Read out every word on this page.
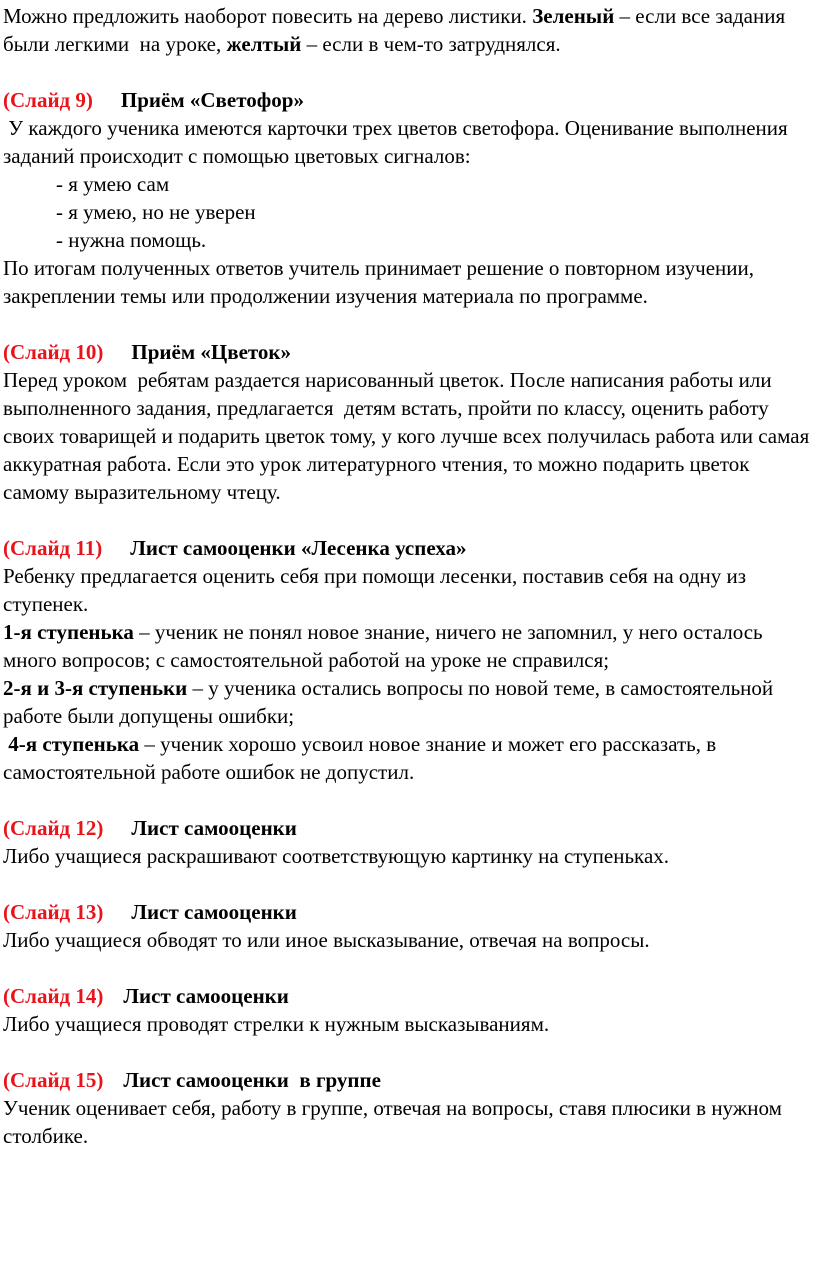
Можно предложить наоборот повесить на дерево листики. Зеленый – если все задания были легкими  на уроке, желтый – если в чем-то затруднялся.

(Слайд 9) Приём «Светофор»

У каждого ученика имеются карточки трех цветов светофора. Оценивание выполнения  заданий происходит с помощью цветовых сигналов:

- я умею сам

- я умею, но не уверен

- нужна помощь.

По итогам полученных ответов учитель принимает решение о повторном изучении, закреплении темы или продолжении изучения материала по программе.

(Слайд 10) Приём «Цветок»

Перед уроком  ребятам раздается нарисованный цветок. После написания работы или выполненного задания, предлагается  детям встать, пройти по классу, оценить работу своих товарищей и подарить цветок тому, у кого лучше всех получилась работа или самая аккуратная работа. Если это урок литературного чтения, то можно подарить цветок самому выразительному чтецу.

(Слайд 11) Лист самооценки «Лесенка успеха»

Ребенку предлагается оценить себя при помощи лесенки, поставив себя на одну из ступенек.

1-я ступенька – ученик не понял новое знание, ничего не запомнил, у него осталось много вопросов; с самостоятельной работой на уроке не справился;

2-я и 3-я ступеньки – у ученика остались вопросы по новой теме, в самостоятельной работе были допущены ошибки;

4-я ступенька – ученик хорошо усвоил новое знание и может его рассказать, в самостоятельной работе ошибок не допустил.

(Слайд 12) Лист самооценки

Либо учащиеся раскрашивают соответствующую картинку на ступеньках.

(Слайд 13) Лист самооценки

Либо учащиеся обводят то или иное высказывание, отвечая на вопросы.

(Слайд 14) Лист самооценки

Либо учащиеся проводят стрелки к нужным высказываниям.

(Слайд 15) Лист самооценки  в группе

Ученик оценивает себя, работу в группе, отвечая на вопросы, ставя плюсики в нужном столбике.
